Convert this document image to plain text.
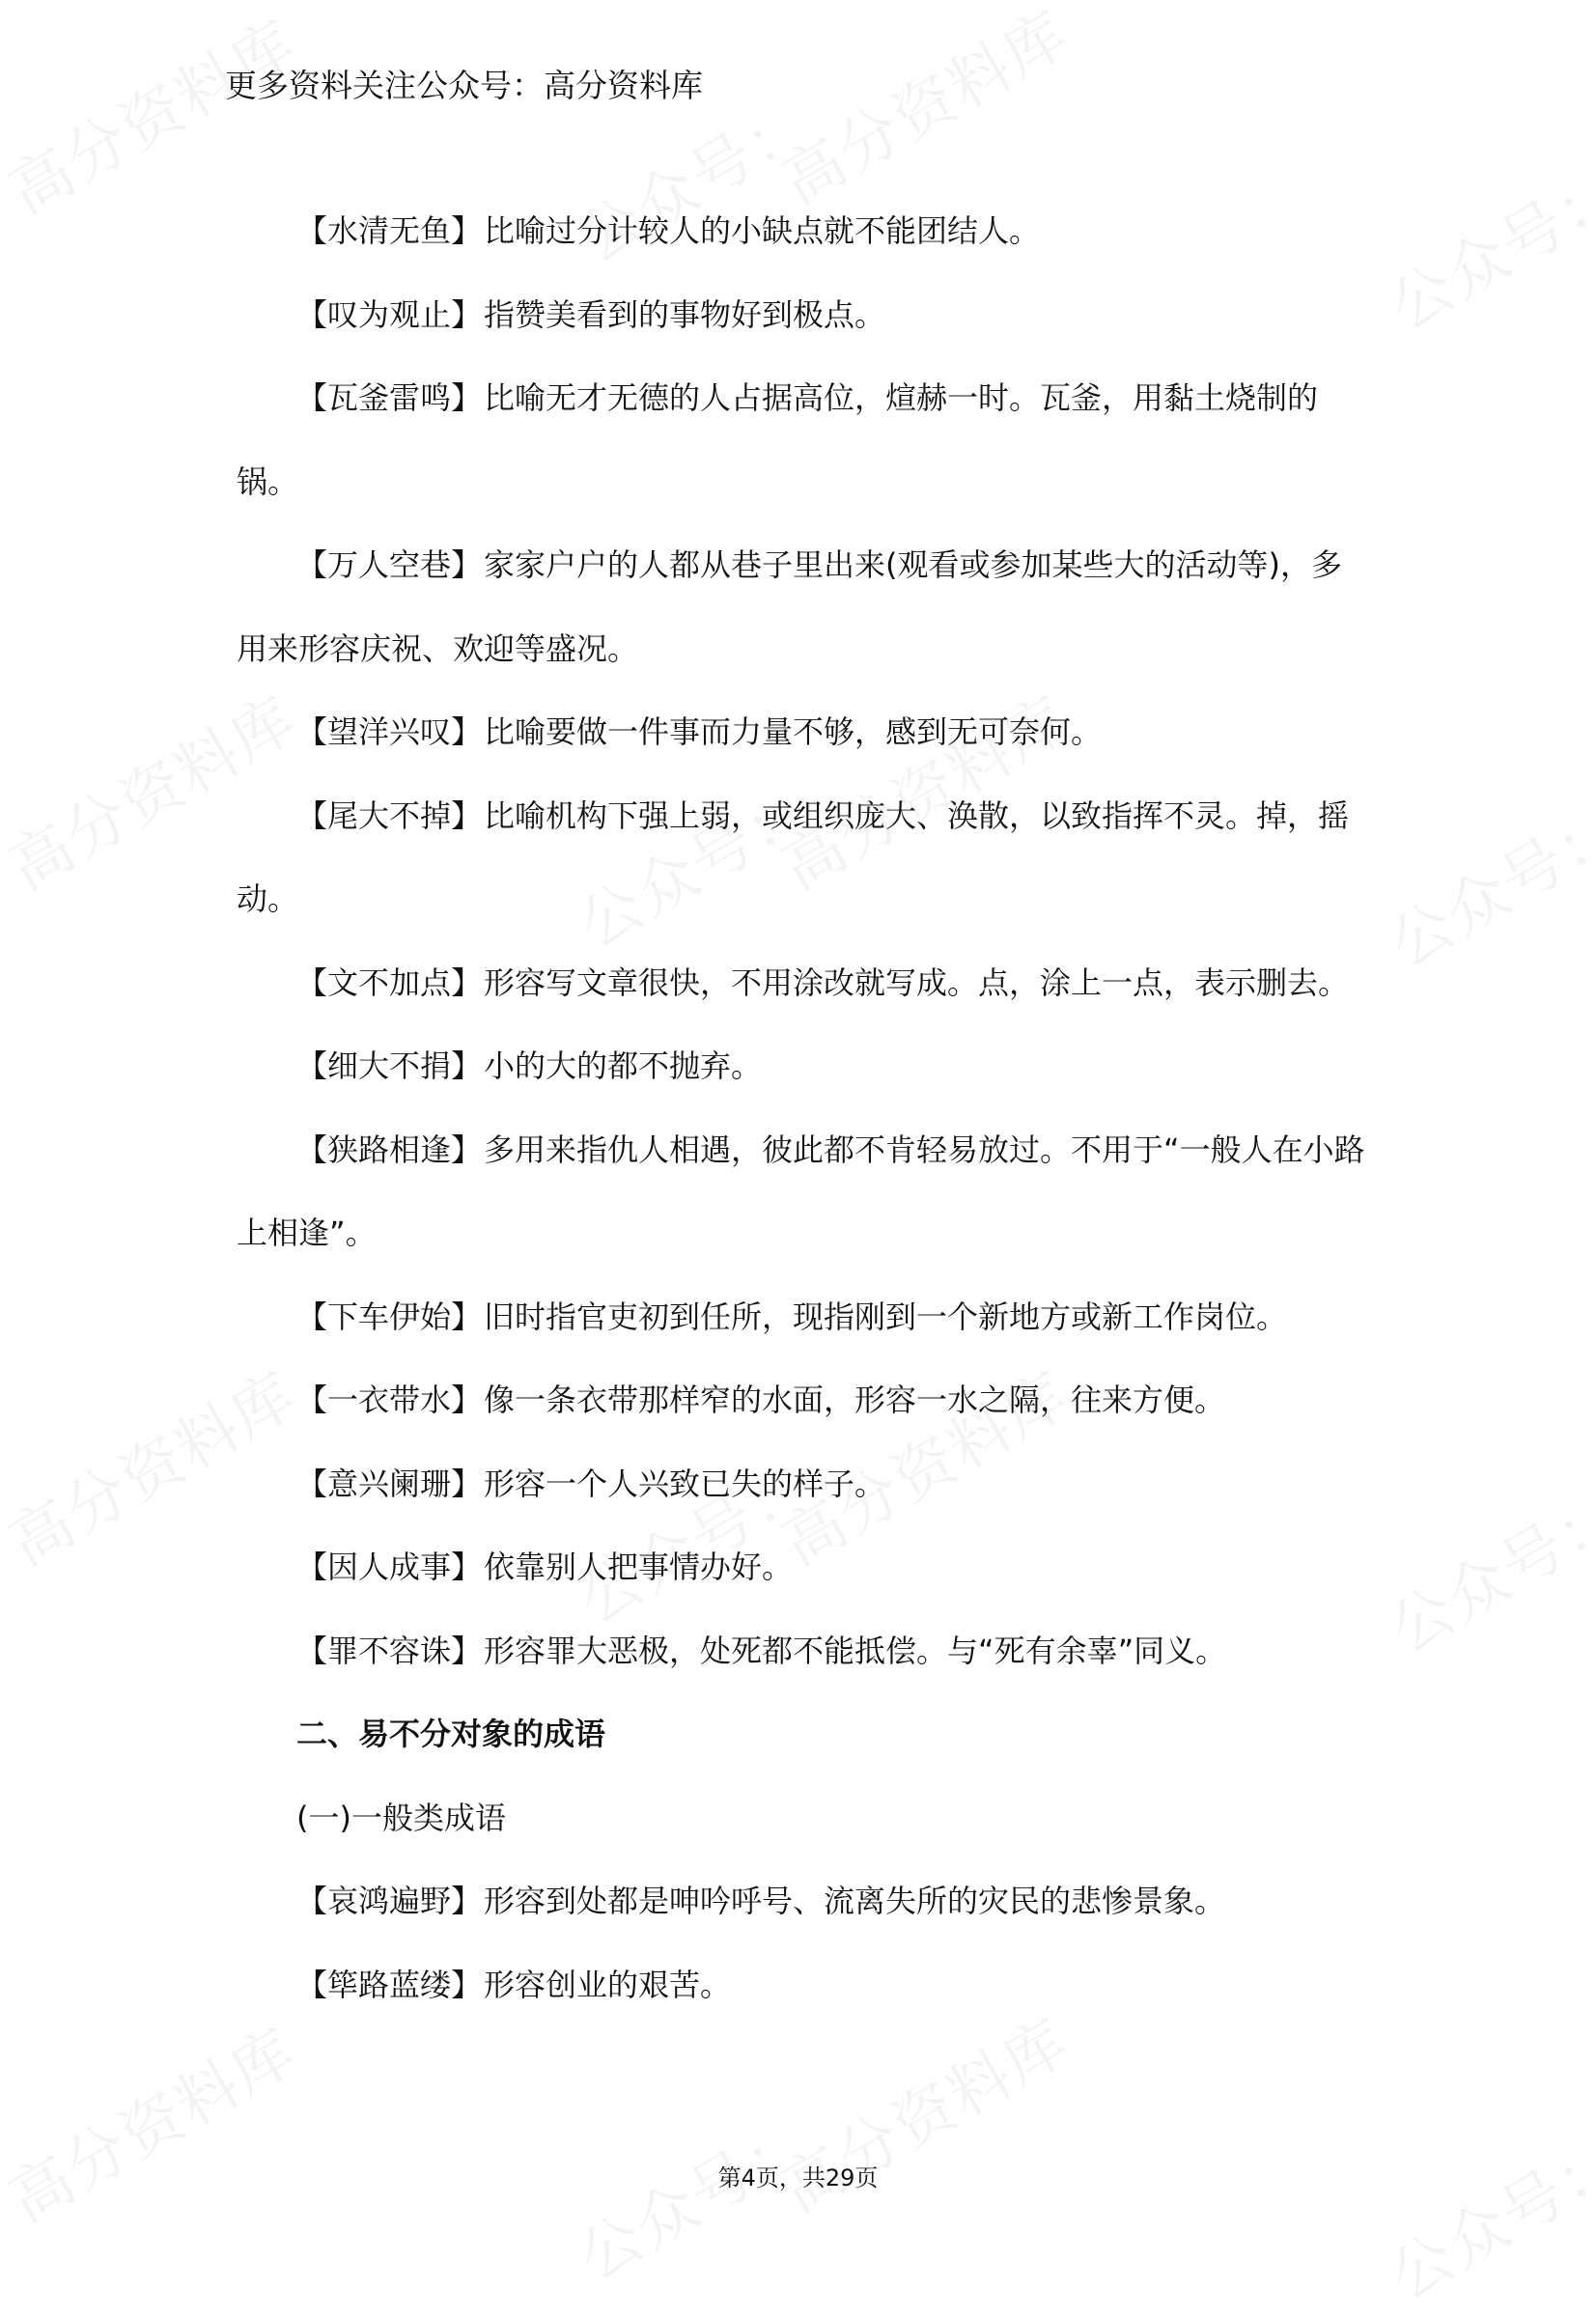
更多资料关注公众号：高分资料库

【水清无鱼】比喻过分计较人的小缺点就不能团结人。

【叹为观止】指赞美看到的事物好到极点。

【瓦釜雷鸣】比喻无才无德的人占据高位，煊赫一时。瓦釜，用黏土烧制的锅。

【万人空巷】家家户户的人都从巷子里出来(观看或参加某些大的活动等)，多用来形容庆祝、欢迎等盛况。

【望洋兴叹】比喻要做一件事而力量不够，感到无可奈何。

【尾大不掉】比喻机构下强上弱，或组织庞大、涣散，以致指挥不灵。掉，摇动。

【文不加点】形容写文章很快，不用涂改就写成。点，涂上一点，表示删去。

【细大不捐】小的大的都不抛弃。

【狭路相逢】多用来指仇人相遇，彼此都不肯轻易放过。不用于“一般人在小路上相逢”。

【下车伊始】旧时指官吏初到任所，现指刚到一个新地方或新工作岗位。

【一衣带水】像一条衣带那样窄的水面，形容一水之隔，往来方便。

【意兴阑珊】形容一个人兴致已失的样子。

【因人成事】依靠别人把事情办好。

【罪不容诛】形容罪大恶极，处死都不能抵偿。与“死有余辜”同义。

二、易不分对象的成语

(一)一般类成语

【哀鸿遍野】形容到处都是呻吟呼号、流离失所的灾民的悲惨景象。

【筚路蓝缕】形容创业的艰苦。

第4页，共29页
